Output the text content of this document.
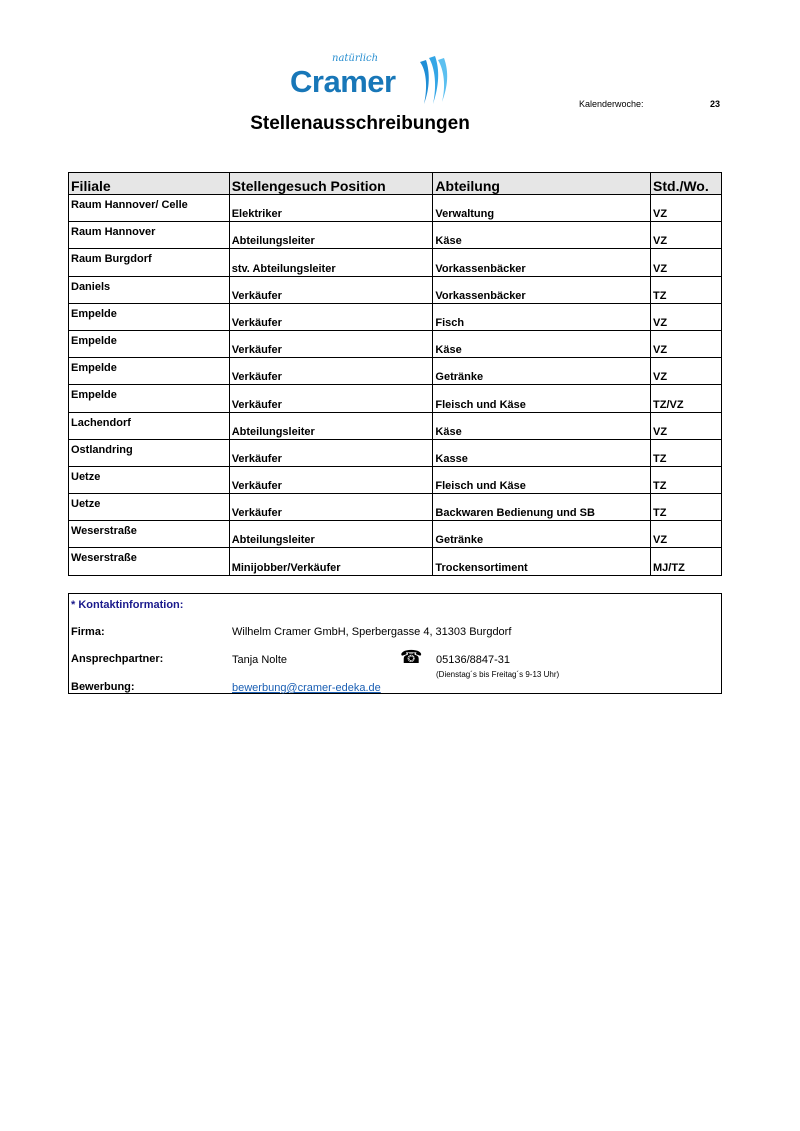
natürlich
Cramer
Kalenderwoche:	23
Stellenausschreibungen
Filiale	Stellengesuch Position	Abteilung	Std./Wo.
Raum Hannover/ Celle	Elektriker	Verwaltung	VZ
Raum Hannover	Abteilungsleiter	Käse	VZ
Raum Burgdorf	stv. Abteilungsleiter	Vorkassenbäcker	VZ
Daniels	Verkäufer	Vorkassenbäcker	TZ
Empelde	Verkäufer	Fisch	VZ
Empelde	Verkäufer	Käse	VZ
Empelde	Verkäufer	Getränke	VZ
Empelde	Verkäufer	Fleisch und Käse	TZ/VZ
Lachendorf	Abteilungsleiter	Käse	VZ
Ostlandring	Verkäufer	Kasse	TZ
Uetze	Verkäufer	Fleisch und Käse	TZ
Uetze	Verkäufer	Backwaren Bedienung und SB	TZ
Weserstraße	Abteilungsleiter	Getränke	VZ
Weserstraße	Minijobber/Verkäufer	Trockensortiment	MJ/TZ
* Kontaktinformation:
Firma:	Wilhelm Cramer GmbH, Sperbergasse 4, 31303 Burgdorf
Ansprechpartner:	Tanja Nolte	☎ 05136/8847-31
(Dienstag´s bis Freitag´s 9-13 Uhr)
Bewerbung:	bewerbung@cramer-edeka.de
